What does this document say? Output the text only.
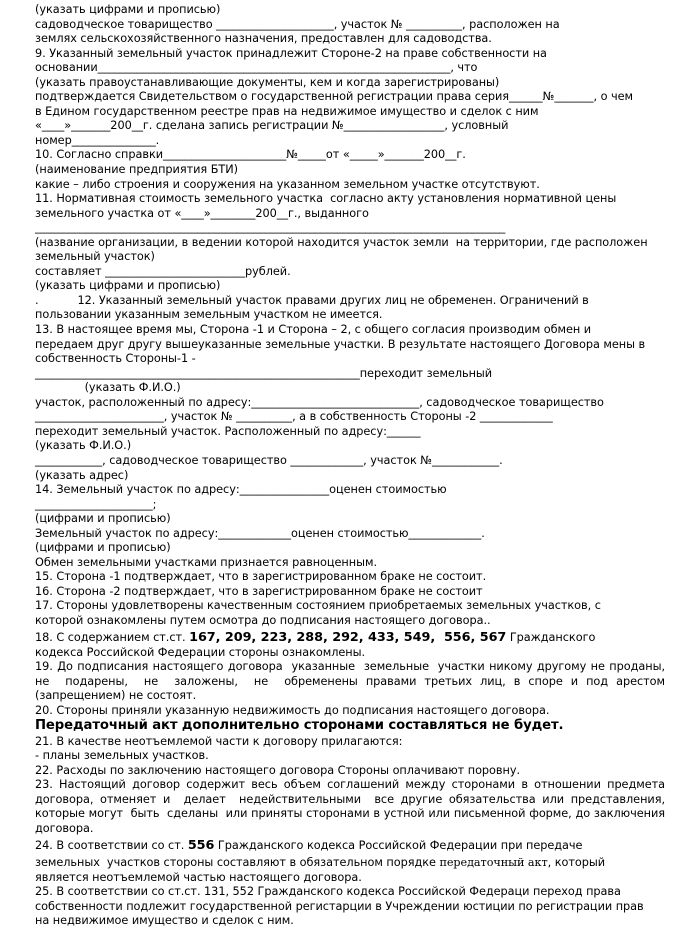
(указать цифрами и прописью)

садоводческое товарищество _____________________, участок № __________, расположен на

землях сельскохозяйственного назначения, предоставлен для садоводства.

9. Указанный земельный участок принадлежит Стороне-2 на праве собственности на

основании_______________________________________________________________, что

(указать правоустанавливающие документы, кем и когда зарегистрированы)

подтверждается Свидетельством о государственной регистрации права серия______№_______, о чем

в Едином государственном реестре прав на недвижимое имущество и сделок с ним

«____»_______200__г. сделана запись регистрации №__________________, условный

номер_______________.

10. Согласно справки______________________№_____от «_____»_______200__г.

(наименование предприятия БТИ)

какие – либо строения и сооружения на указанном земельном участке отсутствуют.

11. Нормативная стоимость земельного участка  согласно акту установления нормативной цены

земельного участка от «____»________200__г., выданного

____________________________________________________________________________________

(название организации, в ведении которой находится участок земли  на территории, где расположен

земельный участок)

составляет _________________________рублей.

(указать цифрами и прописью)

.           12. Указанный земельный участок правами других лиц не обременен. Ограничений в

пользовании указанным земельным участком не имеется.

13. В настоящее время мы, Сторона -1 и Сторона – 2, с общего согласия производим обмен и

передаем друг другу вышеуказанные земельные участки. В результате настоящего Договора мены в

собственность Стороны-1 -

__________________________________________________________переходит земельный

(указать Ф.И.О.)

участок, расположенный по адресу:______________________________, садоводческое товарищество

_______________________, участок № __________, а в собственность Стороны -2 _____________

переходит земельный участок. Расположенный по адресу:______

(указать Ф.И.О.)

____________, садоводческое товарищество _____________, участок №____________.

(указать адрес)

14. Земельный участок по адресу:________________оценен стоимостью

_____________________;

(цифрами и прописью)

Земельный участок по адресу:_____________оценен стоимостью_____________.

(цифрами и прописью)

Обмен земельными участками признается равноценным.

15. Сторона -1 подтверждает, что в зарегистрированном браке не состоит.

16. Сторона -2 подтверждает, что в зарегистрированном браке не состоит

17. Стороны удовлетворены качественным состоянием приобретаемых земельных участков, с

которой ознакомлены путем осмотра до подписания настоящего договора..

18. С содержанием ст.ст. 167, 209, 223, 288, 292, 433, 549,  556, 567 Гражданского

кодекса Российской Федерации стороны ознакомлены.

19. До подписания настоящего договора  указанные  земельные  участки никому другому не проданы,  не  подарены,  не  заложены,  не  обременены правами третьих лиц, в споре и под арестом (запрещением) не состоят.

20. Стороны приняли указанную недвижимость до подписания настоящего договора.

Передаточный акт дополнительно сторонами составляться не будет.

21. В качестве неотъемлемой части к договору прилагаются:

- планы земельных участков.

22. Расходы по заключению настоящего договора Стороны оплачивают поровну.

23. Настоящий договор содержит весь объем соглашений между сторонами в отношении предмета договора, отменяет и  делает  недействительными  все другие обязательства или представления, которые могут  быть  сделаны  или приняты сторонами в устной или письменной форме, до заключения договора.

24. В соответствии со ст. 556 Гражданского кодекса Российской Федерации при передаче

земельных  участков стороны составляют в обязательном порядке передаточный акт, который

является неотъемлемой частью настоящего договора.

25. В соответствии со ст.ст. 131, 552 Гражданского кодекса Российской Федераци переход права

собственности подлежит государственной регистарции в Учреждении юстиции по регистрации прав

на недвижимое имущество и сделок с ним.
